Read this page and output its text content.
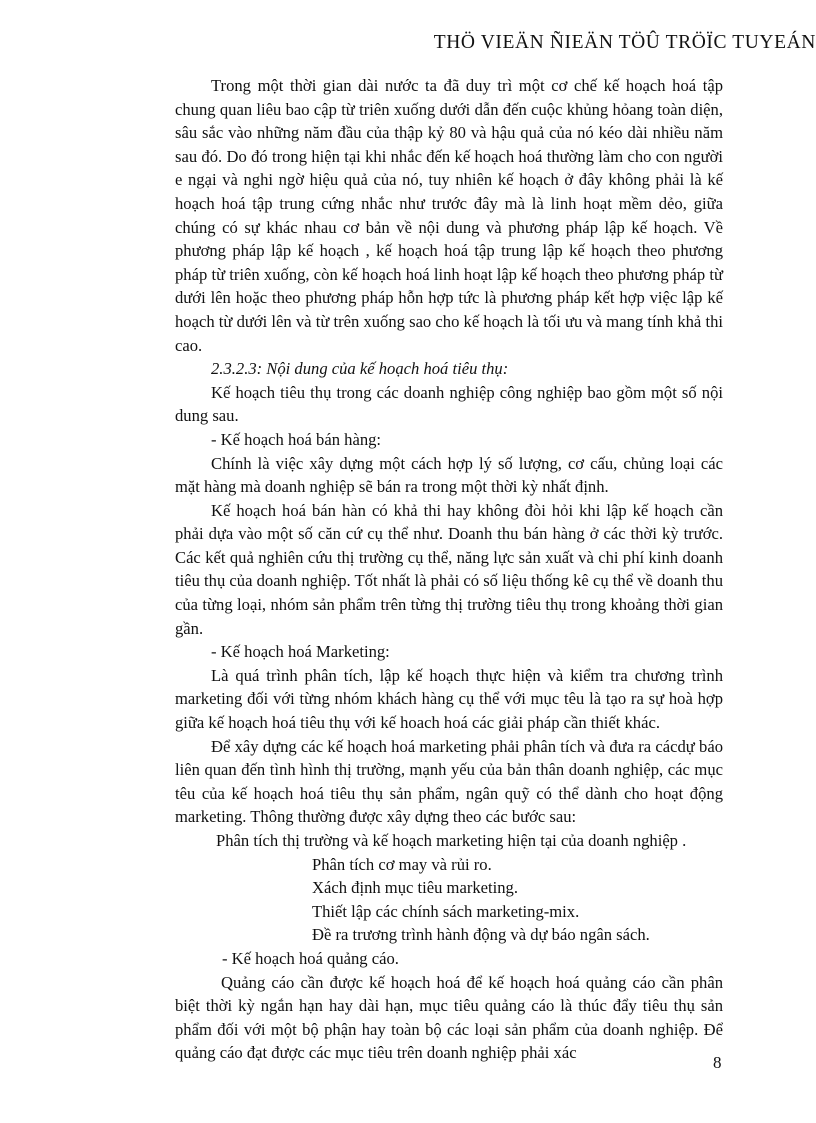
THÖ VIEÄN ÑIEÄN TÖÛ TRÖÏC TUYEÁN

Trong một thời gian dài nước ta đã duy trì một cơ chế kế hoạch hoá tập chung quan liêu bao cập từ triên xuống dưới dẫn đến cuộc khủng hỏang toàn diện, sâu sắc vào những năm đầu của thập kỷ 80 và hậu quả của nó kéo dài nhiều năm sau đó. Do đó trong hiện tại khi nhắc đến kế hoạch hoá thường làm cho con người e ngại và nghi ngờ hiệu quả của nó, tuy nhiên kế hoạch ở đây không phải là kế hoạch hoá tập trung cứng nhắc như trước đây mà là linh hoạt mềm dẻo, giữa chúng có sự khác nhau cơ bản về nội dung và phương pháp lập kế hoạch. Về phương pháp lập kế hoạch , kế hoạch hoá tập trung lập kế hoạch theo phương pháp từ triên xuống, còn kế hoạch hoá linh hoạt lập kế hoạch theo phương pháp từ dưới lên hoặc theo phương pháp hỗn hợp tức là phương pháp kết hợp việc lập kế hoạch từ dưới lên và từ trên xuống sao cho kế hoạch là tối ưu và mang tính khả thi cao.

2.3.2.3: Nội dung của kế hoạch hoá tiêu thụ:

Kế hoạch tiêu thụ trong các doanh nghiệp công nghiệp bao gồm một số nội dung sau.

- Kế hoạch hoá bán hàng:

Chính là việc xây dựng một cách hợp lý số lượng, cơ cấu, chủng loại các mặt hàng mà doanh nghiệp sẽ bán ra trong một thời kỳ nhất định.

Kế hoạch hoá bán hàn có khả thi hay không đòi hỏi khi lập kế hoạch cần phải dựa vào một số căn cứ cụ thể như. Doanh thu bán hàng ở các thời kỳ trước. Các kết quả nghiên cứu thị trường cụ thể, năng lực sản xuất và chi phí kinh doanh tiêu thụ của doanh nghiệp. Tốt nhất là phải có số liệu thống kê cụ thể về doanh thu của từng loại, nhóm sản phẩm trên từng thị trường tiêu thụ trong khoảng thời gian gần.

- Kế hoạch hoá Marketing:

Là quá trình phân tích, lập kế hoạch thực hiện và kiểm tra chương trình marketing đối với từng nhóm khách hàng cụ thể với mục têu là tạo ra sự hoà hợp giữa kế hoạch hoá tiêu thụ với kế hoach hoá các giải pháp cần thiết khác.

Để xây dựng các kế hoạch hoá marketing phải phân tích và đưa ra cácdự báo liên quan đến tình hình thị trường, mạnh yếu của bản thân doanh nghiệp, các mục têu của kế hoạch hoá tiêu thụ sản phẩm, ngân quỹ có thể dành cho hoạt động marketing. Thông thường được xây dựng theo các bước sau:

Phân tích thị trường và kế hoạch marketing hiện tại của doanh nghiệp .

Phân tích cơ may và rủi ro.

Xách định mục tiêu marketing.

Thiết lập các chính sách marketing-mix.

Đề ra trương trình hành động và dự báo ngân sách.

- Kế hoạch hoá quảng cáo.

Quảng cáo cần được kế hoạch hoá để kế hoạch hoá quảng cáo cần phân biệt thời kỳ ngắn hạn hay dài hạn, mục tiêu quảng cáo là thúc đẩy tiêu thụ sản phẩm đối với một bộ phận hay toàn bộ các loại sản phẩm của doanh nghiệp. Để quảng cáo đạt được các mục tiêu trên doanh nghiệp phải xác

8
